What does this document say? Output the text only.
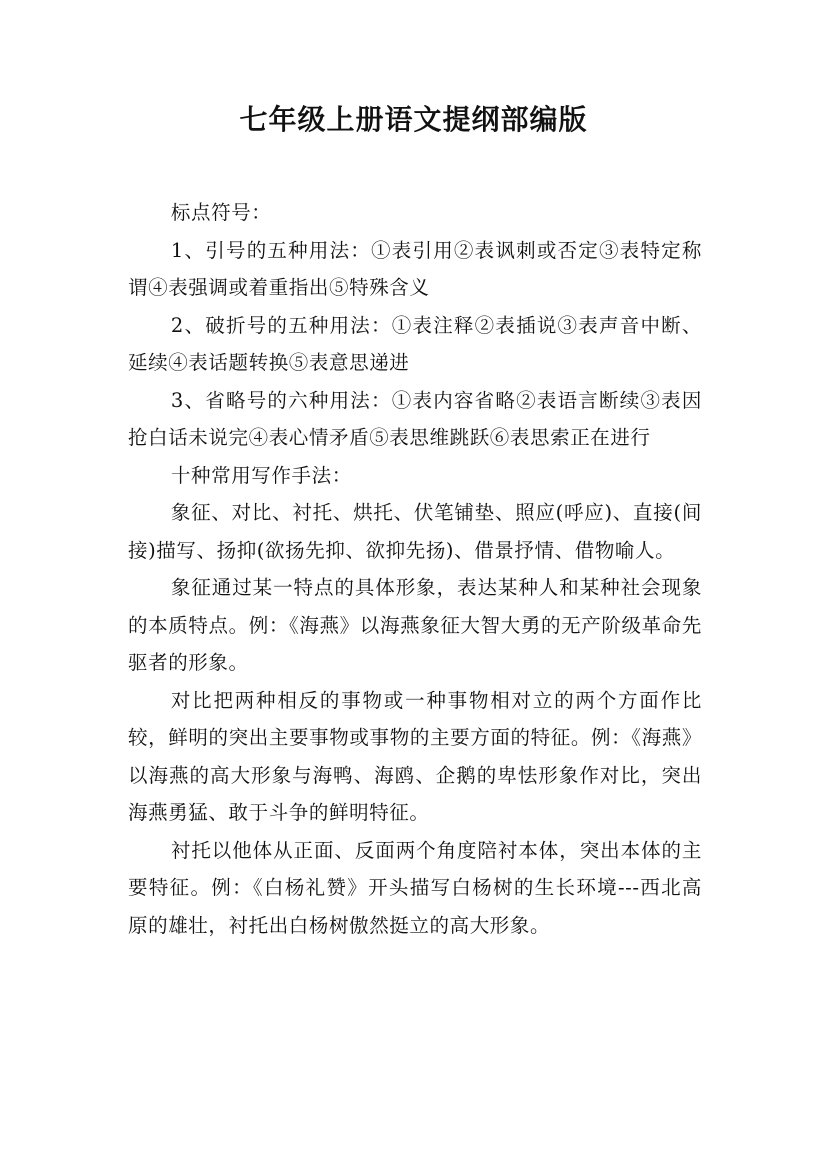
七年级上册语文提纲部编版

标点符号：

1、引号的五种用法：①表引用②表讽刺或否定③表特定称谓④表强调或着重指出⑤特殊含义

2、破折号的五种用法：①表注释②表插说③表声音中断、延续④表话题转换⑤表意思递进

3、省略号的六种用法：①表内容省略②表语言断续③表因抢白话未说完④表心情矛盾⑤表思维跳跃⑥表思索正在进行

十种常用写作手法：

象征、对比、衬托、烘托、伏笔铺垫、照应(呼应)、直接(间接)描写、扬抑(欲扬先抑、欲抑先扬)、借景抒情、借物喻人。

象征通过某一特点的具体形象，表达某种人和某种社会现象的本质特点。例：《海燕》以海燕象征大智大勇的无产阶级革命先驱者的形象。

对比把两种相反的事物或一种事物相对立的两个方面作比较，鲜明的突出主要事物或事物的主要方面的特征。例：《海燕》以海燕的高大形象与海鸭、海鸥、企鹅的卑怯形象作对比，突出海燕勇猛、敢于斗争的鲜明特征。

衬托以他体从正面、反面两个角度陪衬本体，突出本体的主要特征。例：《白杨礼赞》开头描写白杨树的生长环境---西北高原的雄壮，衬托出白杨树傲然挺立的高大形象。
